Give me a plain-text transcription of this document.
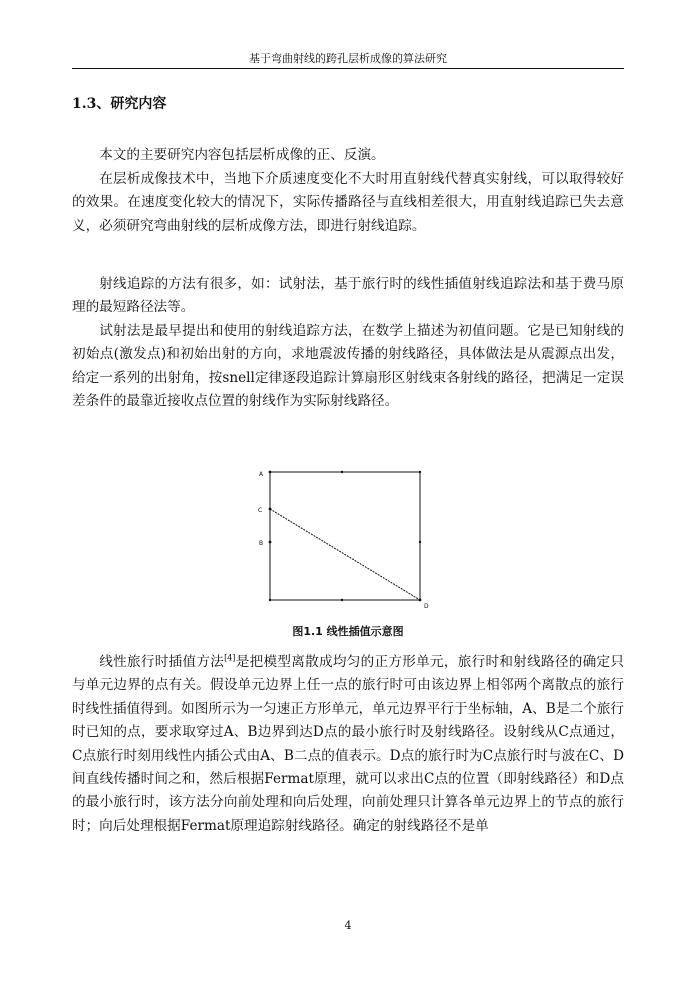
基于弯曲射线的跨孔层析成像的算法研究
1.3、研究内容

本文的主要研究内容包括层析成像的正、反演。

在层析成像技术中，当地下介质速度变化不大时用直射线代替真实射线，可以取得较好的效果。在速度变化较大的情况下，实际传播路径与直线相差很大，用直射线追踪已失去意义，必须研究弯曲射线的层析成像方法，即进行射线追踪。

射线追踪的方法有很多，如：试射法，基于旅行时的线性插值射线追踪法和基于费马原理的最短路径法等。

试射法是最早提出和使用的射线追踪方法，在数学上描述为初值问题。它是已知射线的初始点(激发点)和初始出射的方向，求地震波传播的射线路径，具体做法是从震源点出发，给定一系列的出射角，按snell定律逐段追踪计算扇形区射线束各射线的路径，把满足一定误差条件的最靠近接收点位置的射线作为实际射线路径。

A
C
B
D
图1.1 线性插值示意图

线性旅行时插值方法[4]是把模型离散成均匀的正方形单元，旅行时和射线路径的确定只与单元边界的点有关。假设单元边界上任一点的旅行时可由该边界上相邻两个离散点的旅行时线性插值得到。如图所示为一匀速正方形单元，单元边界平行于坐标轴，A、B是二个旅行时已知的点，要求取穿过A、B边界到达D点的最小旅行时及射线路径。设射线从C点通过，C点旅行时刻用线性内插公式由A、B二点的值表示。D点的旅行时为C点旅行时与波在C、D间直线传播时间之和，然后根据Fermat原理，就可以求出C点的位置（即射线路径）和D点的最小旅行时，该方法分向前处理和向后处理，向前处理只计算各单元边界上的节点的旅行时；向后处理根据Fermat原理追踪射线路径。确定的射线路径不是单

4
